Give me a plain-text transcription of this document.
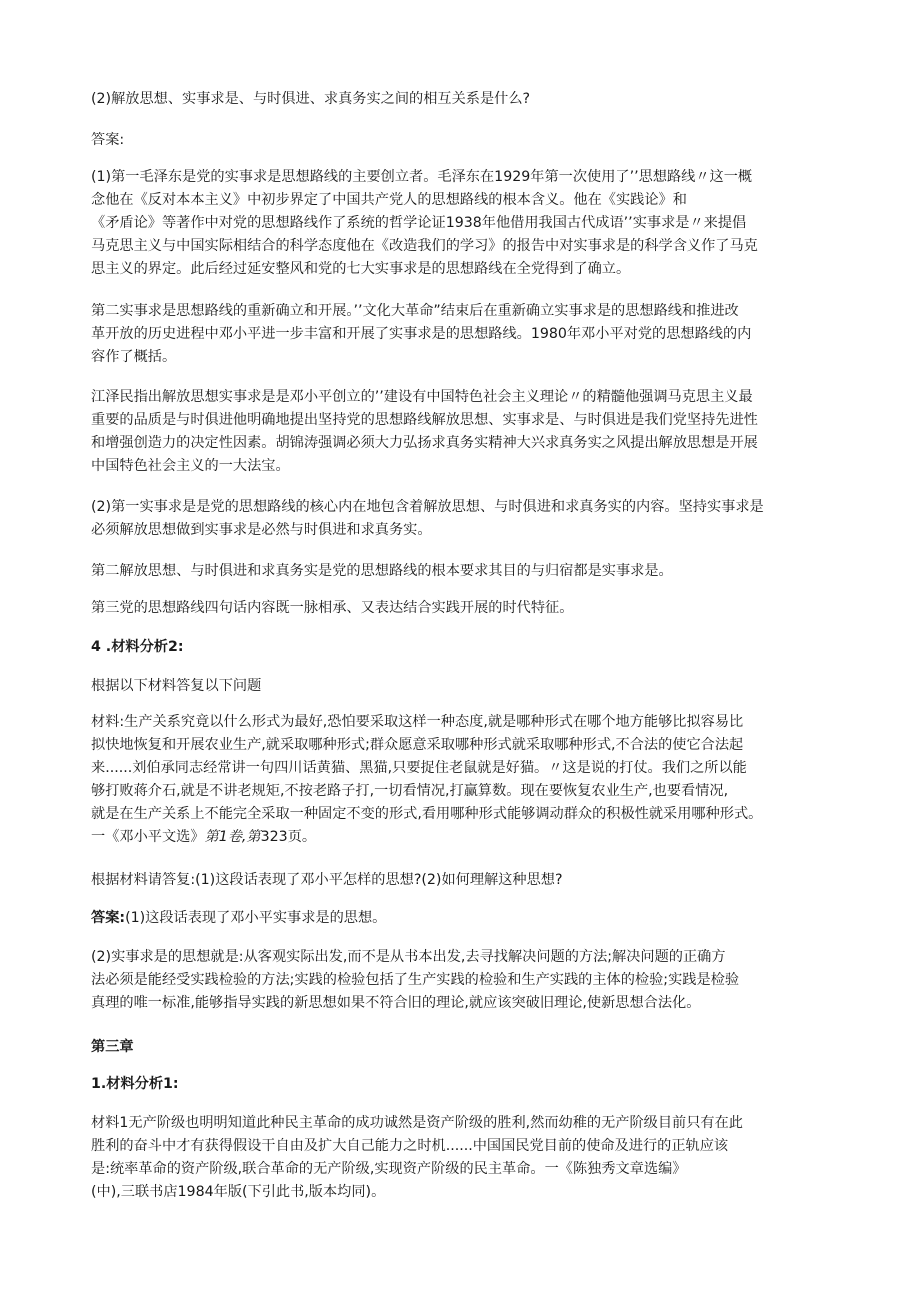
(2)解放思想、实事求是、与时俱进、求真务实之间的相互关系是什么?

答案:

(1)第一毛泽东是党的实事求是思想路线的主要创立者。毛泽东在1929年第一次使用了’’思想路线〃这一概
念他在《反对本本主义》中初步界定了中国共产党人的思想路线的根本含义。他在《实践论》和
《矛盾论》等著作中对党的思想路线作了系统的哲学论证1938年他借用我国古代成语’’实事求是〃来提倡
马克思主义与中国实际相结合的科学态度他在《改造我们的学习》的报告中对实事求是的科学含义作了马克
思主义的界定。此后经过延安整风和党的七大实事求是的思想路线在全党得到了确立。
第二实事求是思想路线的重新确立和开展。’’文化大革命”结束后在重新确立实事求是的思想路线和推进改
革开放的历史进程中邓小平进一步丰富和开展了实事求是的思想路线。1980年邓小平对党的思想路线的内
容作了概括。
江泽民指出解放思想实事求是是邓小平创立的’’建设有中国特色社会主义理论〃的精髓他强调马克思主义最
重要的品质是与时俱进他明确地提出坚持党的思想路线解放思想、实事求是、与时俱进是我们党坚持先进性
和增强创造力的决定性因素。胡锦涛强调必须大力弘扬求真务实精神大兴求真务实之风提出解放思想是开展
中国特色社会主义的一大法宝。
(2)第一实事求是是党的思想路线的核心内在地包含着解放思想、与时俱进和求真务实的内容。坚持实事求是
必须解放思想做到实事求是必然与时俱进和求真务实。

第二解放思想、与时俱进和求真务实是党的思想路线的根本要求其目的与归宿都是实事求是。

第三党的思想路线四句话内容既一脉相承、又表达结合实践开展的时代特征。

4 .材料分析2:

根据以下材料答复以下问题

材料:生产关系究竟以什么形式为最好,恐怕要采取这样一种态度,就是哪种形式在哪个地方能够比拟容易比
拟快地恢复和开展农业生产,就采取哪种形式;群众愿意采取哪种形式就采取哪种形式,不合法的使它合法起
来......刘伯承同志经常讲一句四川话黄猫、黑猫,只要捉住老鼠就是好猫。〃这是说的打仗。我们之所以能
够打败蒋介石,就是不讲老规矩,不按老路子打,一切看情况,打赢算数。现在要恢复农业生产,也要看情况,
就是在生产关系上不能完全采取一种固定不变的形式,看用哪种形式能够调动群众的积极性就采用哪种形式。
一《邓小平文选》第1卷,第323页。

根据材料请答复:(1)这段话表现了邓小平怎样的思想?(2)如何理解这种思想?

答案:(1)这段话表现了邓小平实事求是的思想。

(2)实事求是的思想就是:从客观实际出发,而不是从书本出发,去寻找解决问题的方法;解决问题的正确方
法必须是能经受实践检验的方法;实践的检验包括了生产实践的检验和生产实践的主体的检验;实践是检验
真理的唯一标准,能够指导实践的新思想如果不符合旧的理论,就应该突破旧理论,使新思想合法化。

第三章

1.材料分析1:

材料1无产阶级也明明知道此种民主革命的成功诚然是资产阶级的胜利,然而幼稚的无产阶级目前只有在此
胜利的奋斗中才有获得假设干自由及扩大自己能力之时机......中国国民党目前的使命及进行的正轨应该
是:统率革命的资产阶级,联合革命的无产阶级,实现资产阶级的民主革命。一《陈独秀文章选编》
(中),三联书店1984年版(下引此书,版本均同)。
